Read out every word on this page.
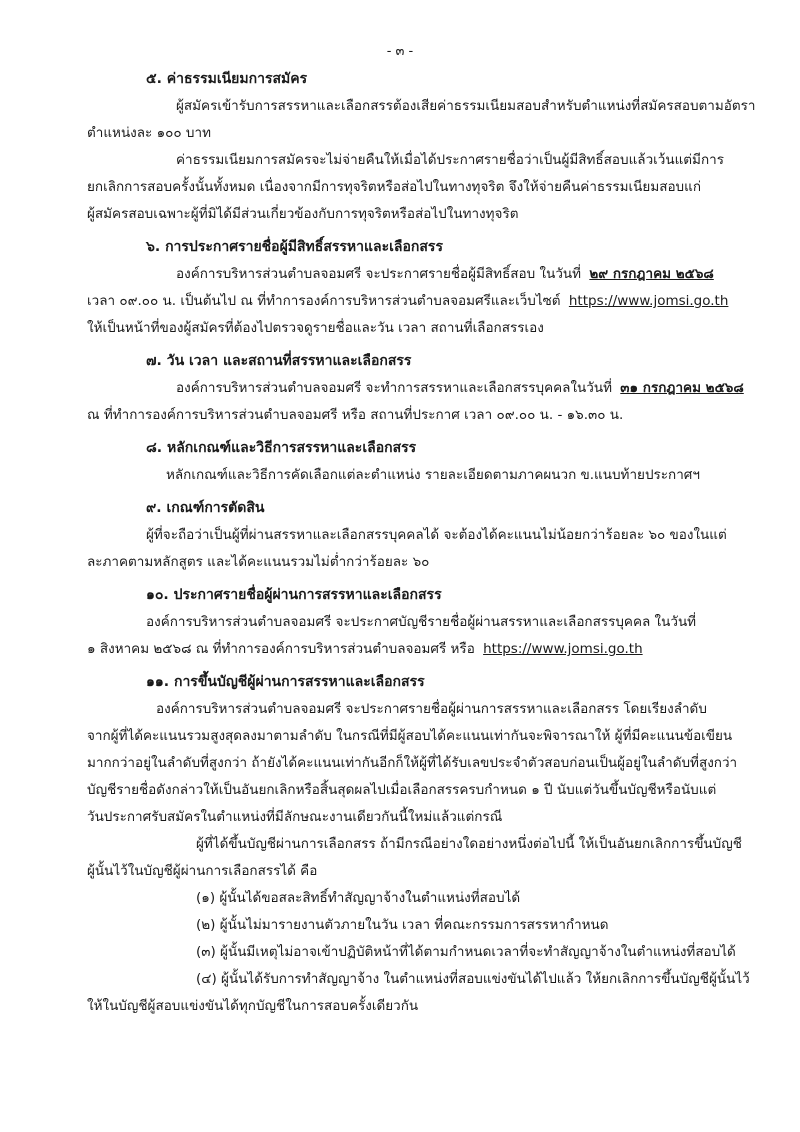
- ๓ -
๕. ค่าธรรมเนียมการสมัคร
ผู้สมัครเข้ารับการสรรหาและเลือกสรรต้องเสียค่าธรรมเนียมสอบสำหรับตำแหน่งที่สมัครสอบตามอัตรา
ตำแหน่งละ ๑๐๐ บาท
ค่าธรรมเนียมการสมัครจะไม่จ่ายคืนให้เมื่อได้ประกาศรายชื่อว่าเป็นผู้มีสิทธิ์สอบแล้วเว้นแต่มีการ
ยกเลิกการสอบครั้งนั้นทั้งหมด เนื่องจากมีการทุจริตหรือส่อไปในทางทุจริต จึงให้จ่ายคืนค่าธรรมเนียมสอบแก่
ผู้สมัครสอบเฉพาะผู้ที่มิได้มีส่วนเกี่ยวข้องกับการทุจริตหรือส่อไปในทางทุจริต
๖. การประกาศรายชื่อผู้มีสิทธิ์สรรหาและเลือกสรร
องค์การบริหารส่วนตำบลจอมศรี จะประกาศรายชื่อผู้มีสิทธิ์สอบ ในวันที่ ๒๙ กรกฎาคม ๒๕๖๘
เวลา ๐๙.๐๐ น. เป็นต้นไป ณ ที่ทำการองค์การบริหารส่วนตำบลจอมศรีและเว็บไซต์ https://www.jomsi.go.th
ให้เป็นหน้าที่ของผู้สมัครที่ต้องไปตรวจดูรายชื่อและวัน เวลา สถานที่เลือกสรรเอง
๗. วัน เวลา และสถานที่สรรหาและเลือกสรร
องค์การบริหารส่วนตำบลจอมศรี จะทำการสรรหาและเลือกสรรบุคคลในวันที่ ๓๑ กรกฎาคม ๒๕๖๘
ณ ที่ทำการองค์การบริหารส่วนตำบลจอมศรี หรือ สถานที่ประกาศ เวลา ๐๙.๐๐ น. - ๑๖.๓๐ น.
๘. หลักเกณฑ์และวิธีการสรรหาและเลือกสรร
หลักเกณฑ์และวิธีการคัดเลือกแต่ละตำแหน่ง รายละเอียดตามภาคผนวก ข.แนบท้ายประกาศฯ
๙. เกณฑ์การตัดสิน
ผู้ที่จะถือว่าเป็นผู้ที่ผ่านสรรหาและเลือกสรรบุคคลได้ จะต้องได้คะแนนไม่น้อยกว่าร้อยละ ๖๐ ของในแต่
ละภาคตามหลักสูตร และได้คะแนนรวมไม่ต่ำกว่าร้อยละ ๖๐
๑๐. ประกาศรายชื่อผู้ผ่านการสรรหาและเลือกสรร
องค์การบริหารส่วนตำบลจอมศรี จะประกาศบัญชีรายชื่อผู้ผ่านสรรหาและเลือกสรรบุคคล ในวันที่
๑ สิงหาคม ๒๕๖๘ ณ ที่ทำการองค์การบริหารส่วนตำบลจอมศรี หรือ https://www.jomsi.go.th
๑๑. การขึ้นบัญชีผู้ผ่านการสรรหาและเลือกสรร
องค์การบริหารส่วนตำบลจอมศรี จะประกาศรายชื่อผู้ผ่านการสรรหาและเลือกสรร โดยเรียงลำดับ
จากผู้ที่ได้คะแนนรวมสูงสุดลงมาตามลำดับ ในกรณีที่มีผู้สอบได้คะแนนเท่ากันจะพิจารณาให้ ผู้ที่มีคะแนนข้อเขียน
มากกว่าอยู่ในลำดับที่สูงกว่า ถ้ายังได้คะแนนเท่ากันอีกก็ให้ผู้ที่ได้รับเลขประจำตัวสอบก่อนเป็นผู้อยู่ในลำดับที่สูงกว่า
บัญชีรายชื่อดังกล่าวให้เป็นอันยกเลิกหรือสิ้นสุดผลไปเมื่อเลือกสรรครบกำหนด ๑ ปี นับแต่วันขึ้นบัญชีหรือนับแต่
วันประกาศรับสมัครในตำแหน่งที่มีลักษณะงานเดียวกันนี้ใหม่แล้วแต่กรณี
ผู้ที่ได้ขึ้นบัญชีผ่านการเลือกสรร ถ้ามีกรณีอย่างใดอย่างหนึ่งต่อไปนี้ ให้เป็นอันยกเลิกการขึ้นบัญชี
ผู้นั้นไว้ในบัญชีผู้ผ่านการเลือกสรรได้ คือ
(๑) ผู้นั้นได้ขอสละสิทธิ์ทำสัญญาจ้างในตำแหน่งที่สอบได้
(๒) ผู้นั้นไม่มารายงานตัวภายในวัน เวลา ที่คณะกรรมการสรรหากำหนด
(๓) ผู้นั้นมีเหตุไม่อาจเข้าปฏิบัติหน้าที่ได้ตามกำหนดเวลาที่จะทำสัญญาจ้างในตำแหน่งที่สอบได้
(๔) ผู้นั้นได้รับการทำสัญญาจ้าง ในตำแหน่งที่สอบแข่งขันได้ไปแล้ว ให้ยกเลิกการขึ้นบัญชีผู้นั้นไว้
ให้ในบัญชีผู้สอบแข่งขันได้ทุกบัญชีในการสอบครั้งเดียวกัน
